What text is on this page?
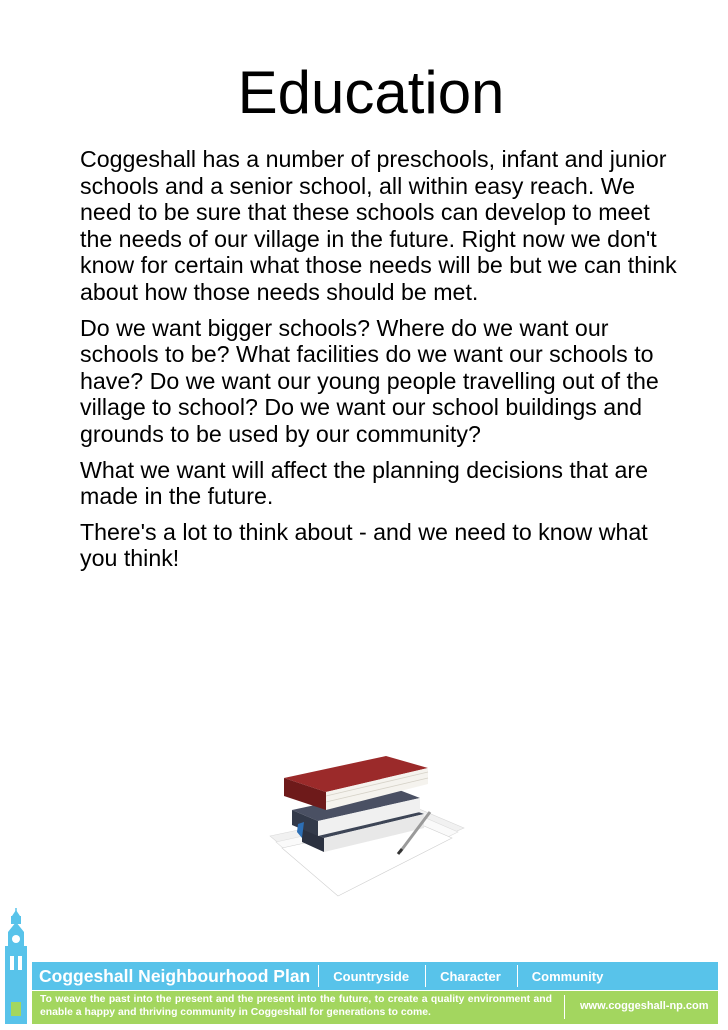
Education

Coggeshall has a number of preschools, infant and junior schools and a senior school, all within easy reach. We need to be sure that these schools can develop to meet the needs of our village in the future. Right now we don't know for certain what those needs will be but we can think about how those needs should be met.

Do we want bigger schools? Where do we want our schools to be? What facilities do we want our schools to have? Do we want our young people travelling out of the village to school? Do we want our school buildings and grounds to be used by our community?

What we want will affect the planning decisions that are made in the future.

There's a lot to think about - and we need to know what you think!

Coggeshall Neighbourhood Plan Countryside Character Community
To weave the past into the present and the present into the future, to create a quality environment and enable a happy and thriving community in Coggeshall for generations to come.
www.coggeshall-np.com
